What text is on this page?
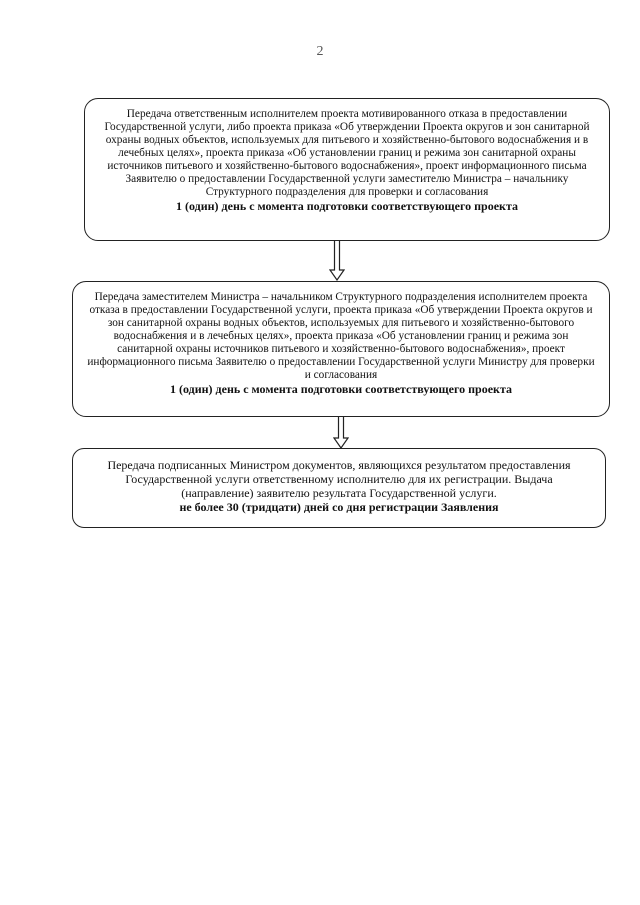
2
Передача ответственным исполнителем проекта мотивированного отказа в предоставлении Государственной услуги, либо проекта приказа «Об утверждении Проекта округов и зон санитарной охраны водных объектов, используемых для питьевого и хозяйственно-бытового водоснабжения и в лечебных целях», проекта приказа «Об установлении границ и режима зон санитарной охраны источников питьевого и хозяйственно-бытового водоснабжения», проект информационного письма Заявителю о предоставлении Государственной услуги заместителю Министра – начальнику Структурного подразделения для проверки и согласования
1 (один) день с момента подготовки соответствующего проекта
Передача заместителем Министра – начальником Структурного подразделения исполнителем проекта отказа в предоставлении Государственной услуги, проекта приказа «Об утверждении Проекта округов и зон санитарной охраны водных объектов, используемых для питьевого и хозяйственно-бытового водоснабжения и в лечебных целях», проекта приказа «Об установлении границ и режима зон санитарной охраны источников питьевого и хозяйственно-бытового водоснабжения», проект информационного письма Заявителю о предоставлении Государственной услуги Министру для проверки и согласования
1 (один) день с момента подготовки соответствующего проекта
Передача подписанных Министром документов, являющихся результатом предоставления Государственной услуги ответственному исполнителю для их регистрации. Выдача (направление) заявителю результата Государственной услуги.
не более 30 (тридцати) дней со дня регистрации Заявления
